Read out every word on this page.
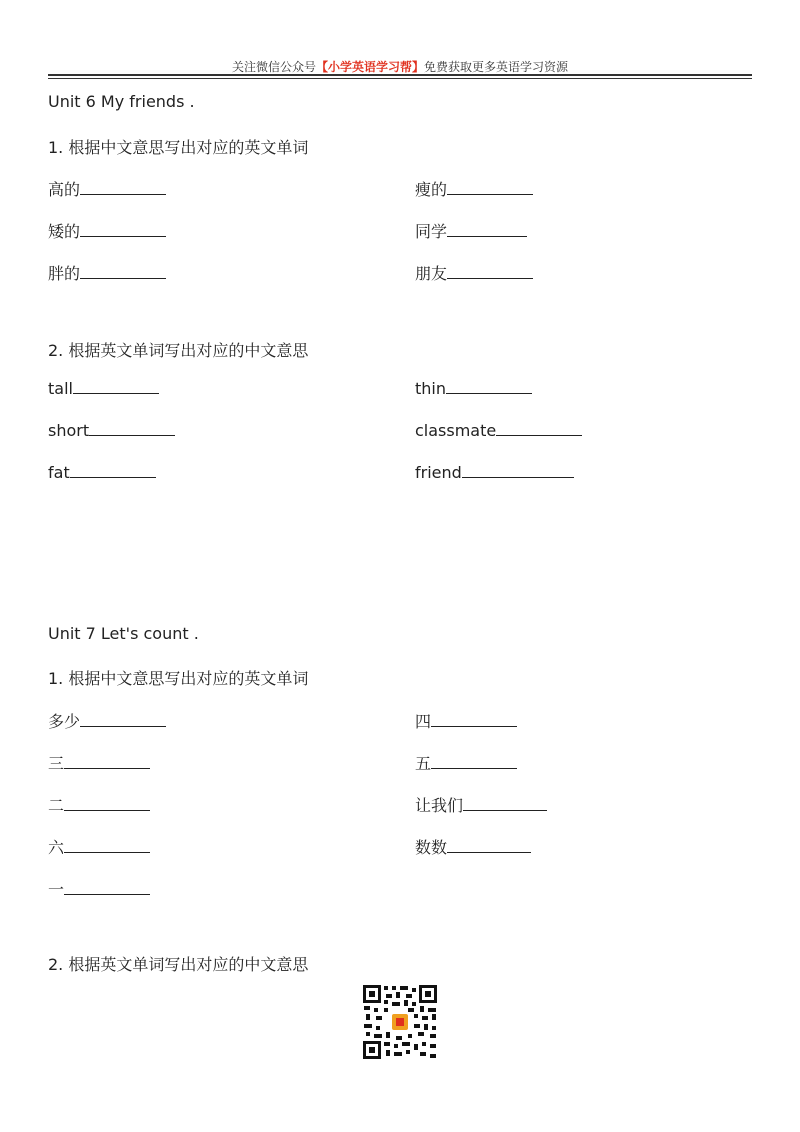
关注微信公众号【小学英语学习帮】免费获取更多英语学习资源
Unit 6 My friends .
1. 根据中文意思写出对应的英文单词
高的
矮的
胖的
瘦的
同学
朋友
2. 根据英文单词写出对应的中文意思
tall
short
fat
thin
classmate
friend
Unit 7 Let's count .
1. 根据中文意思写出对应的英文单词
多少
三
二
六
一
四
五
让我们
数数
2. 根据英文单词写出对应的中文意思
